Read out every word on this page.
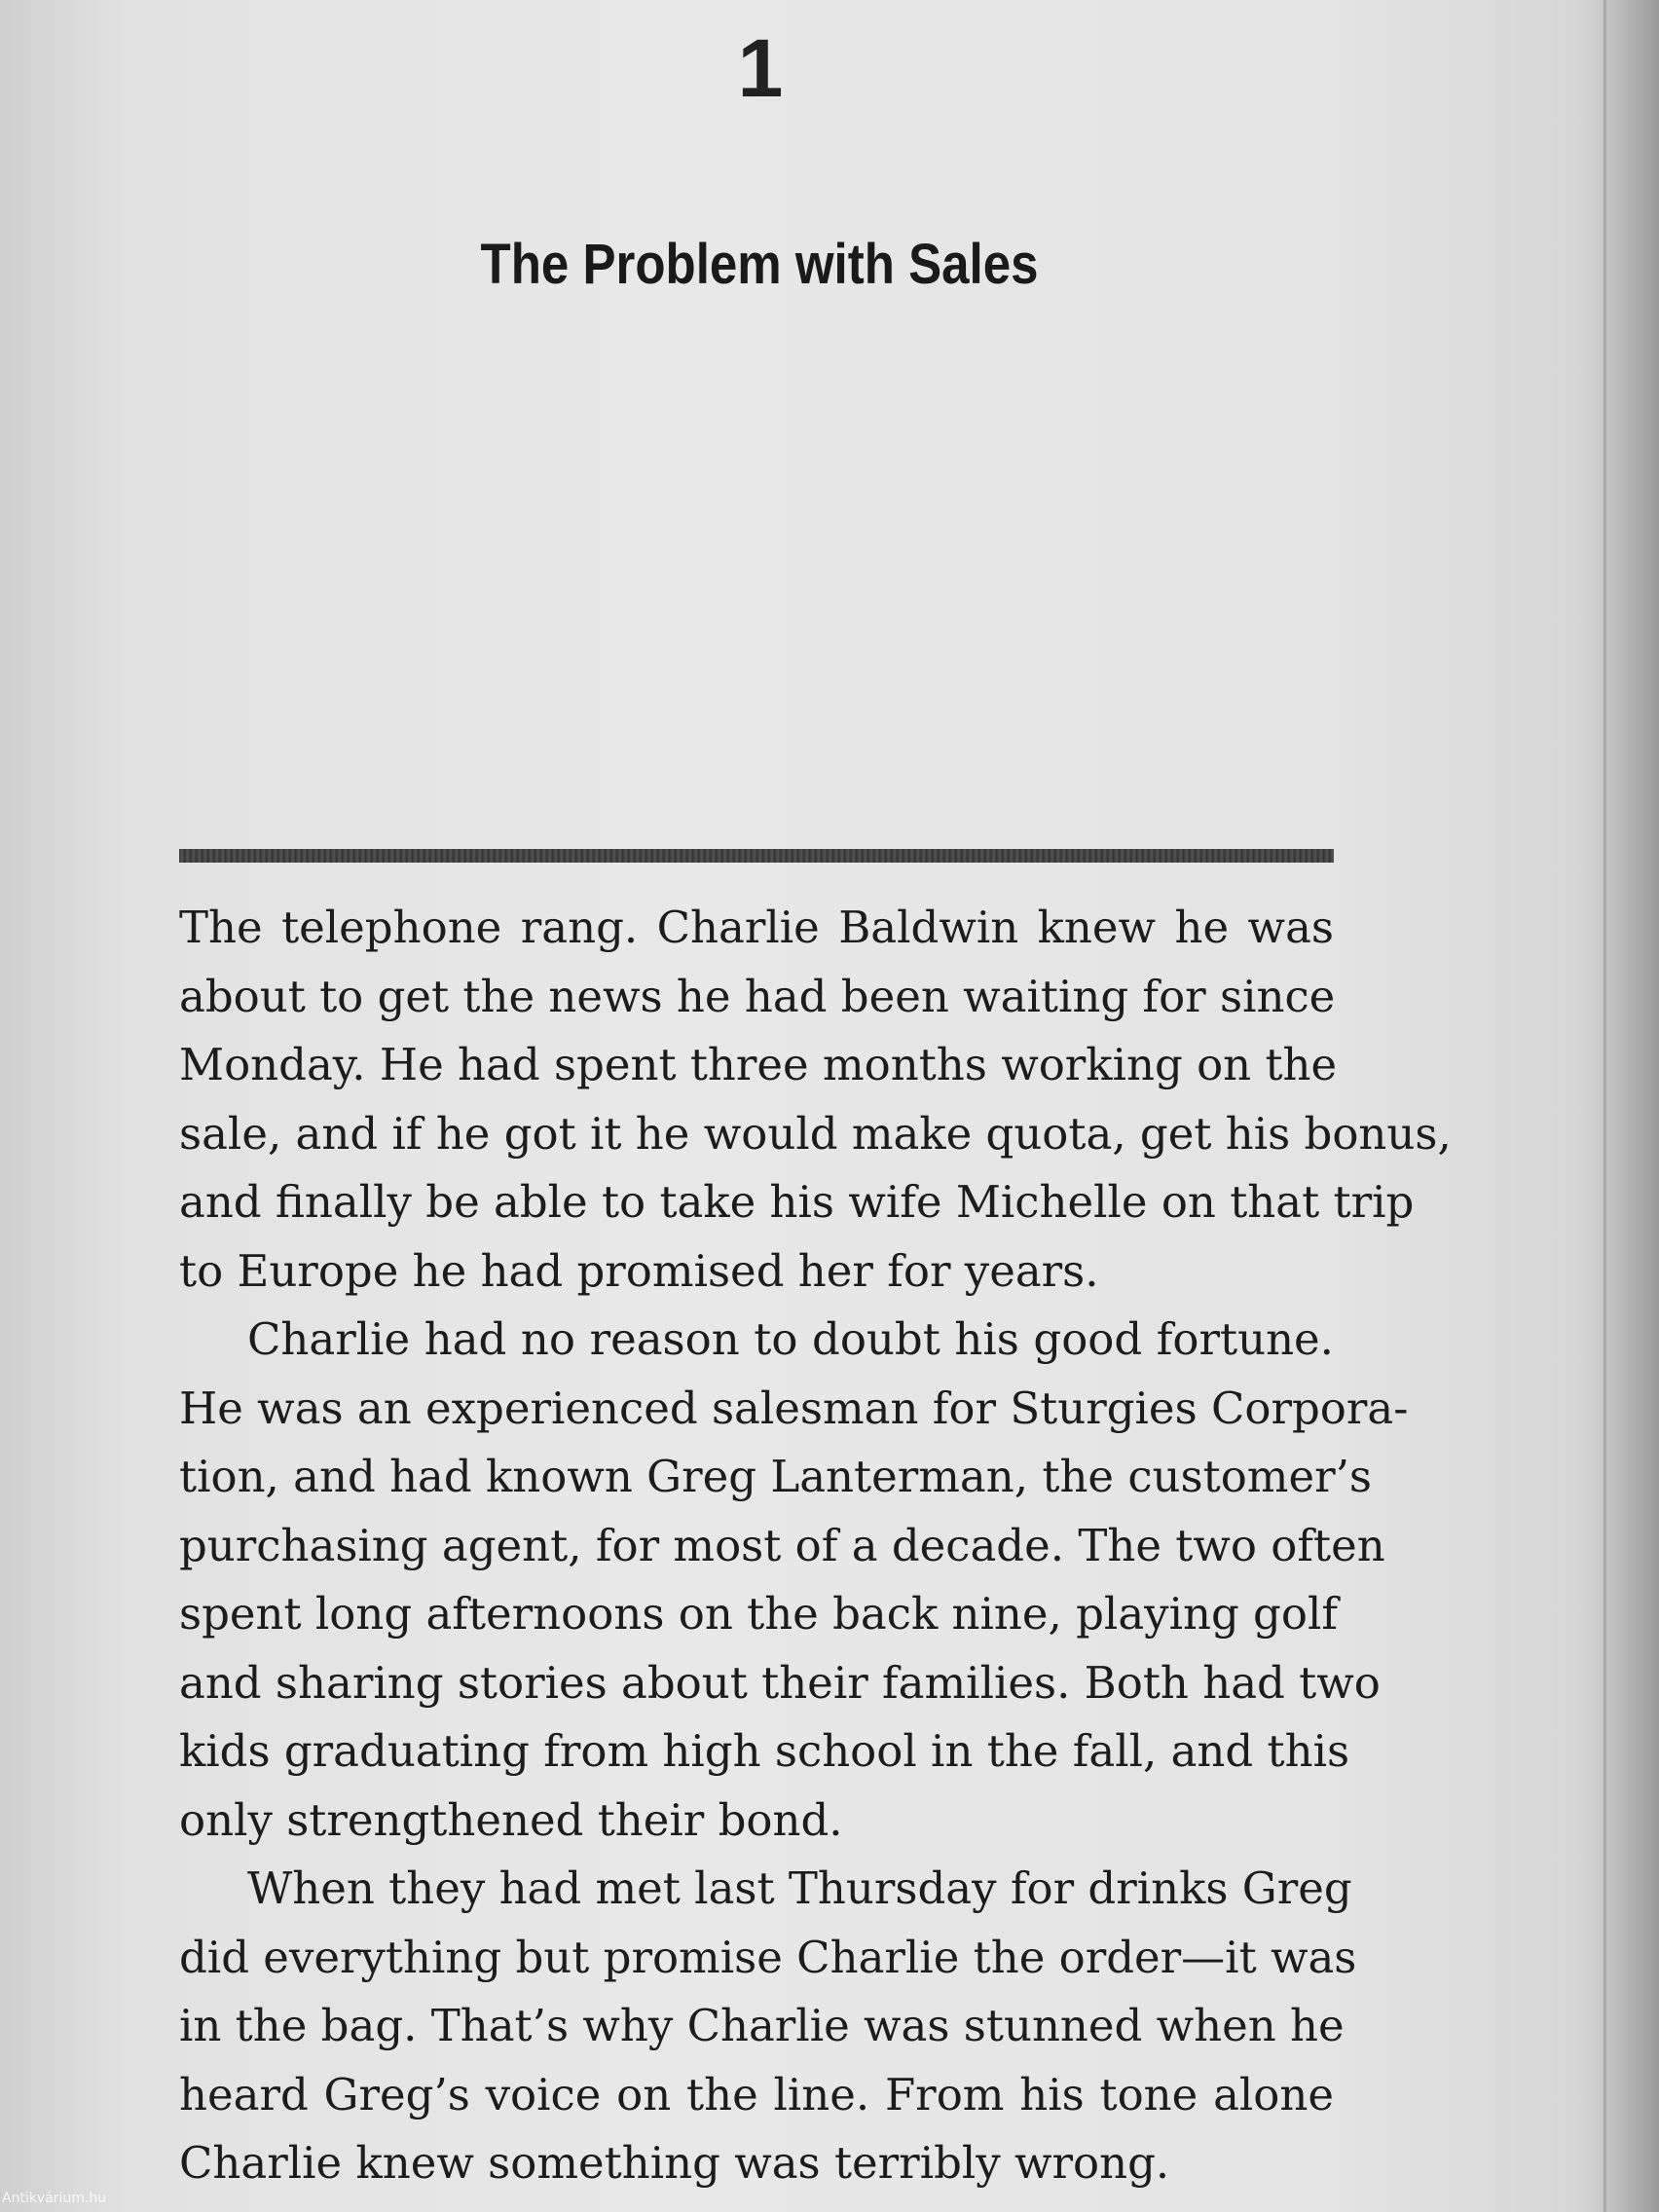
1
The Problem with Sales
The telephone rang. Charlie Baldwin knew he was
about to get the news he had been waiting for since
Monday. He had spent three months working on the
sale, and if he got it he would make quota, get his bonus,
and finally be able to take his wife Michelle on that trip
to Europe he had promised her for years.
Charlie had no reason to doubt his good fortune.
He was an experienced salesman for Sturgies Corpora-
tion, and had known Greg Lanterman, the customer’s
purchasing agent, for most of a decade. The two often
spent long afternoons on the back nine, playing golf
and sharing stories about their families. Both had two
kids graduating from high school in the fall, and this
only strengthened their bond.
When they had met last Thursday for drinks Greg
did everything but promise Charlie the order—it was
in the bag. That’s why Charlie was stunned when he
heard Greg’s voice on the line. From his tone alone
Charlie knew something was terribly wrong.
Antikvárium.hu
